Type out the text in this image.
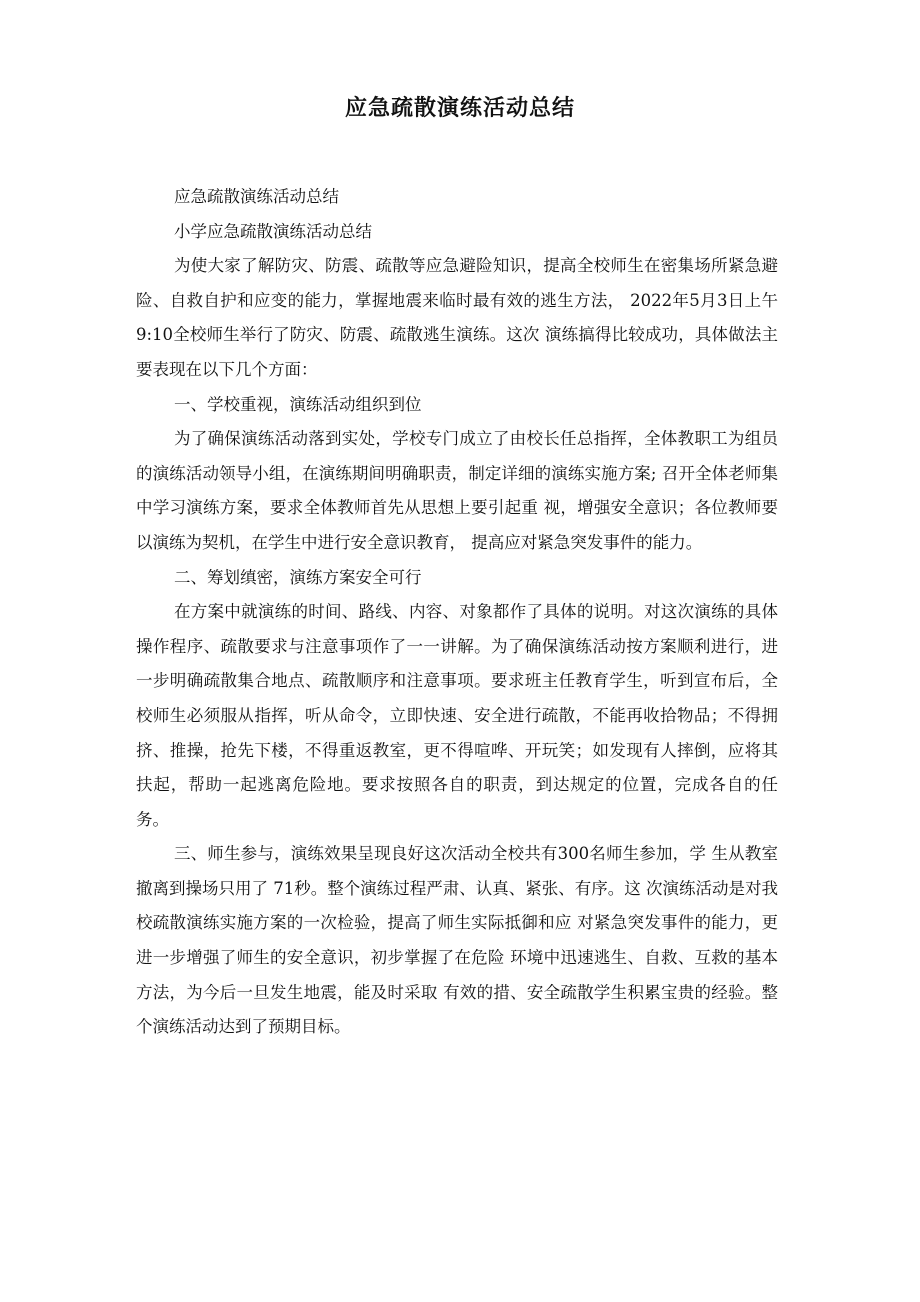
应急疏散演练活动总结

应急疏散演练活动总结

小学应急疏散演练活动总结

为使大家了解防灾、防震、疏散等应急避险知识，提高全校师生在密集场所紧急避险、自救自护和应变的能力，掌握地震来临时最有效的逃生方法， 2022年5月3日上午9:10全校师生举行了防灾、防震、疏散逃生演练。这次 演练搞得比较成功，具体做法主要表现在以下几个方面：

一、学校重视，演练活动组织到位

为了确保演练活动落到实处，学校专门成立了由校长任总指挥，全体教职工为组员的演练活动领导小组，在演练期间明确职责，制定详细的演练实施方案; 召开全体老师集中学习演练方案，要求全体教师首先从思想上要引起重 视，增强安全意识；各位教师要以演练为契机，在学生中进行安全意识教育， 提高应对紧急突发事件的能力。

二、筹划缜密，演练方案安全可行

在方案中就演练的时间、路线、内容、对象都作了具体的说明。对这次演练的具体操作程序、疏散要求与注意事项作了一一讲解。为了确保演练活动按方案顺利进行，进一步明确疏散集合地点、疏散顺序和注意事项。要求班主任教育学生，听到宣布后，全校师生必须服从指挥，听从命令，立即快速、安全进行疏散，不能再收拾物品；不得拥挤、推操，抢先下楼，不得重返教室，更不得喧哗、开玩笑；如发现有人摔倒，应将其扶起，帮助一起逃离危险地。要求按照各自的职责，到达规定的位置，完成各自的任务。

三、师生参与，演练效果呈现良好这次活动全校共有300名师生参加，学 生从教室撤离到操场只用了 71秒。整个演练过程严肃、认真、紧张、有序。这 次演练活动是对我校疏散演练实施方案的一次检验，提高了师生实际抵御和应 对紧急突发事件的能力，更进一步增强了师生的安全意识，初步掌握了在危险 环境中迅速逃生、自救、互救的基本方法，为今后一旦发生地震，能及时采取 有效的措、安全疏散学生积累宝贵的经验。整个演练活动达到了预期目标。
